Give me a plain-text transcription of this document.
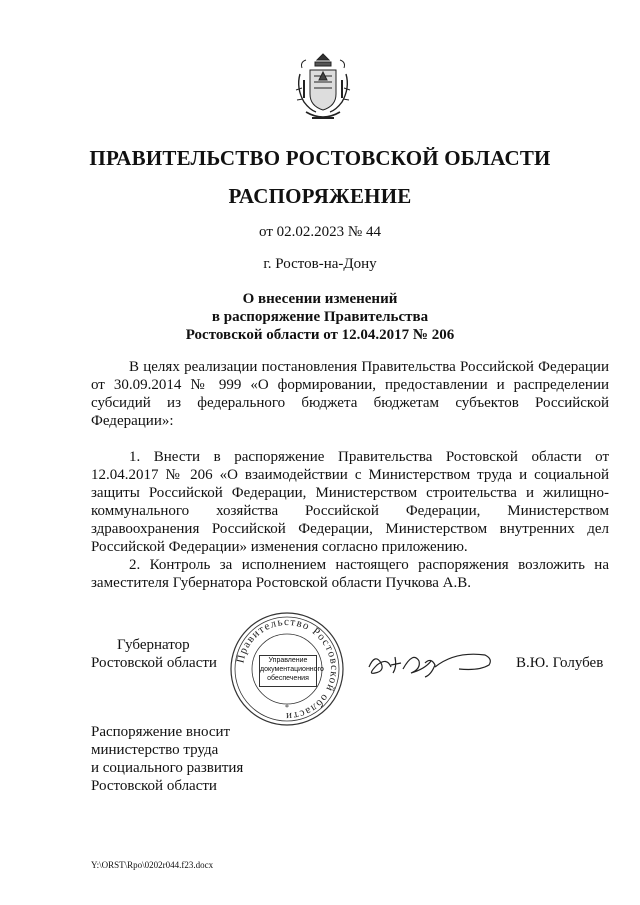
ПРАВИТЕЛЬСТВО РОСТОВСКОЙ ОБЛАСТИ
РАСПОРЯЖЕНИЕ
от 02.02.2023 № 44
г. Ростов-на-Дону
О внесении изменений
в распоряжение Правительства
Ростовской области от 12.04.2017 № 206

В целях реализации постановления Правительства Российской Федерации от 30.09.2014 № 999 «О формировании, предоставлении и распределении субсидий из федерального бюджета бюджетам субъектов Российской Федерации»:

1. Внести в распоряжение Правительства Ростовской области от 12.04.2017 № 206 «О взаимодействии с Министерством труда и социальной защиты Российской Федерации, Министерством строительства и жилищно-коммунального хозяйства Российской Федерации, Министерством здравоохранения Российской Федерации, Министерством внутренних дел Российской Федерации» изменения согласно приложению.

2. Контроль за исполнением настоящего распоряжения возложить на заместителя Губернатора Ростовской области Пучкова А.В.

Губернатор
Ростовской области	Правительство Ростовской области
*
Управление
документационного
обеспечения
В.Ю. Голубев
Распоряжение вносит
министерство труда
и социального развития
Ростовской области
Y:\ORST\Rpo\0202r044.f23.docx
